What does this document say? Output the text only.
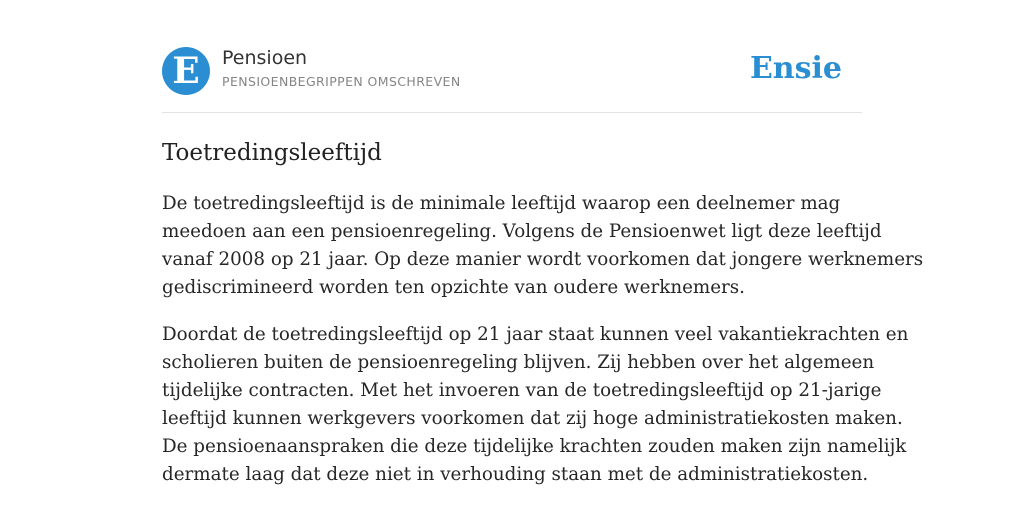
E	Pensioen
PENSIOENBEGRIPPEN OMSCHREVEN	Ensie
Toetredingsleeftijd

De toetredingsleeftijd is de minimale leeftijd waarop een deelnemer mag
meedoen aan een pensioenregeling. Volgens de Pensioenwet ligt deze leeftijd
vanaf 2008 op 21 jaar. Op deze manier wordt voorkomen dat jongere werknemers
gediscrimineerd worden ten opzichte van oudere werknemers.

Doordat de toetredingsleeftijd op 21 jaar staat kunnen veel vakantiekrachten en
scholieren buiten de pensioenregeling blijven. Zij hebben over het algemeen
tijdelijke contracten. Met het invoeren van de toetredingsleeftijd op 21-jarige
leeftijd kunnen werkgevers voorkomen dat zij hoge administratiekosten maken.
De pensioenaanspraken die deze tijdelijke krachten zouden maken zijn namelijk
dermate laag dat deze niet in verhouding staan met de administratiekosten.
